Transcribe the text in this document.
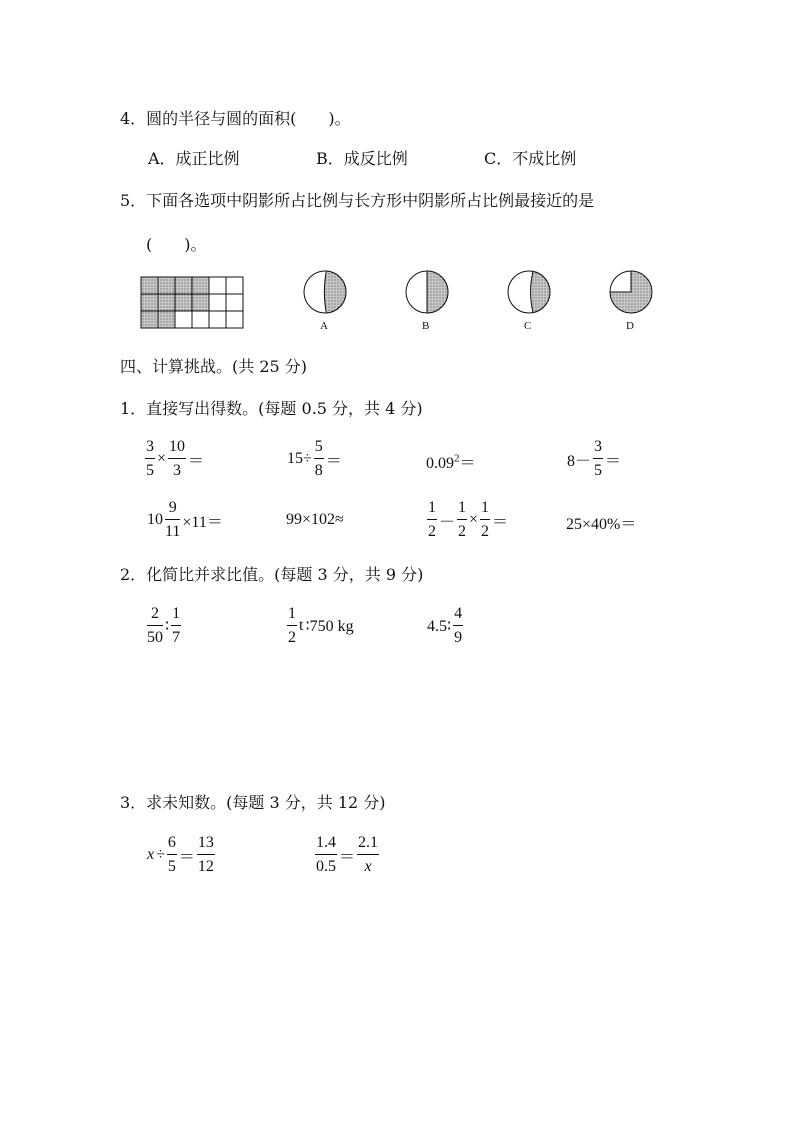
4．圆的半径与圆的面积(　　)。
A．成正比例	B．成反比例	C．不成比例
5．下面各选项中阴影所占比例与长方形中阴影所占比例最接近的是
(　　)。
A	B	C	D
四、计算挑战。(共 25 分)
1．直接写出得数。(每题 0.5 分，共 4 分)
$\frac{3}{5} \times \frac{10}{3}$ ＝	$15\div \frac{5}{8}$ ＝	$0.09^2=$	$8- \frac{3}{5}$ ＝
$10 \frac{9}{11} \times 11=$	99×102≈	$\frac{1}{2} - \frac{1}{2} \times \frac{1}{2}$ ＝	25×40%＝
2．化简比并求比值。(每题 3 分，共 9 分)
$\frac{2}{50}$ ∶ $\frac{1}{7}$	$\frac{1}{2}$ t ∶750 kg	4.5∶ $\frac{4}{9}$
3．求未知数。(每题 3 分，共 12 分)
$x \div \frac{6}{5} = \frac{13}{12}$	$\frac{1.4}{0.5} = \frac{2.1}{x}$
